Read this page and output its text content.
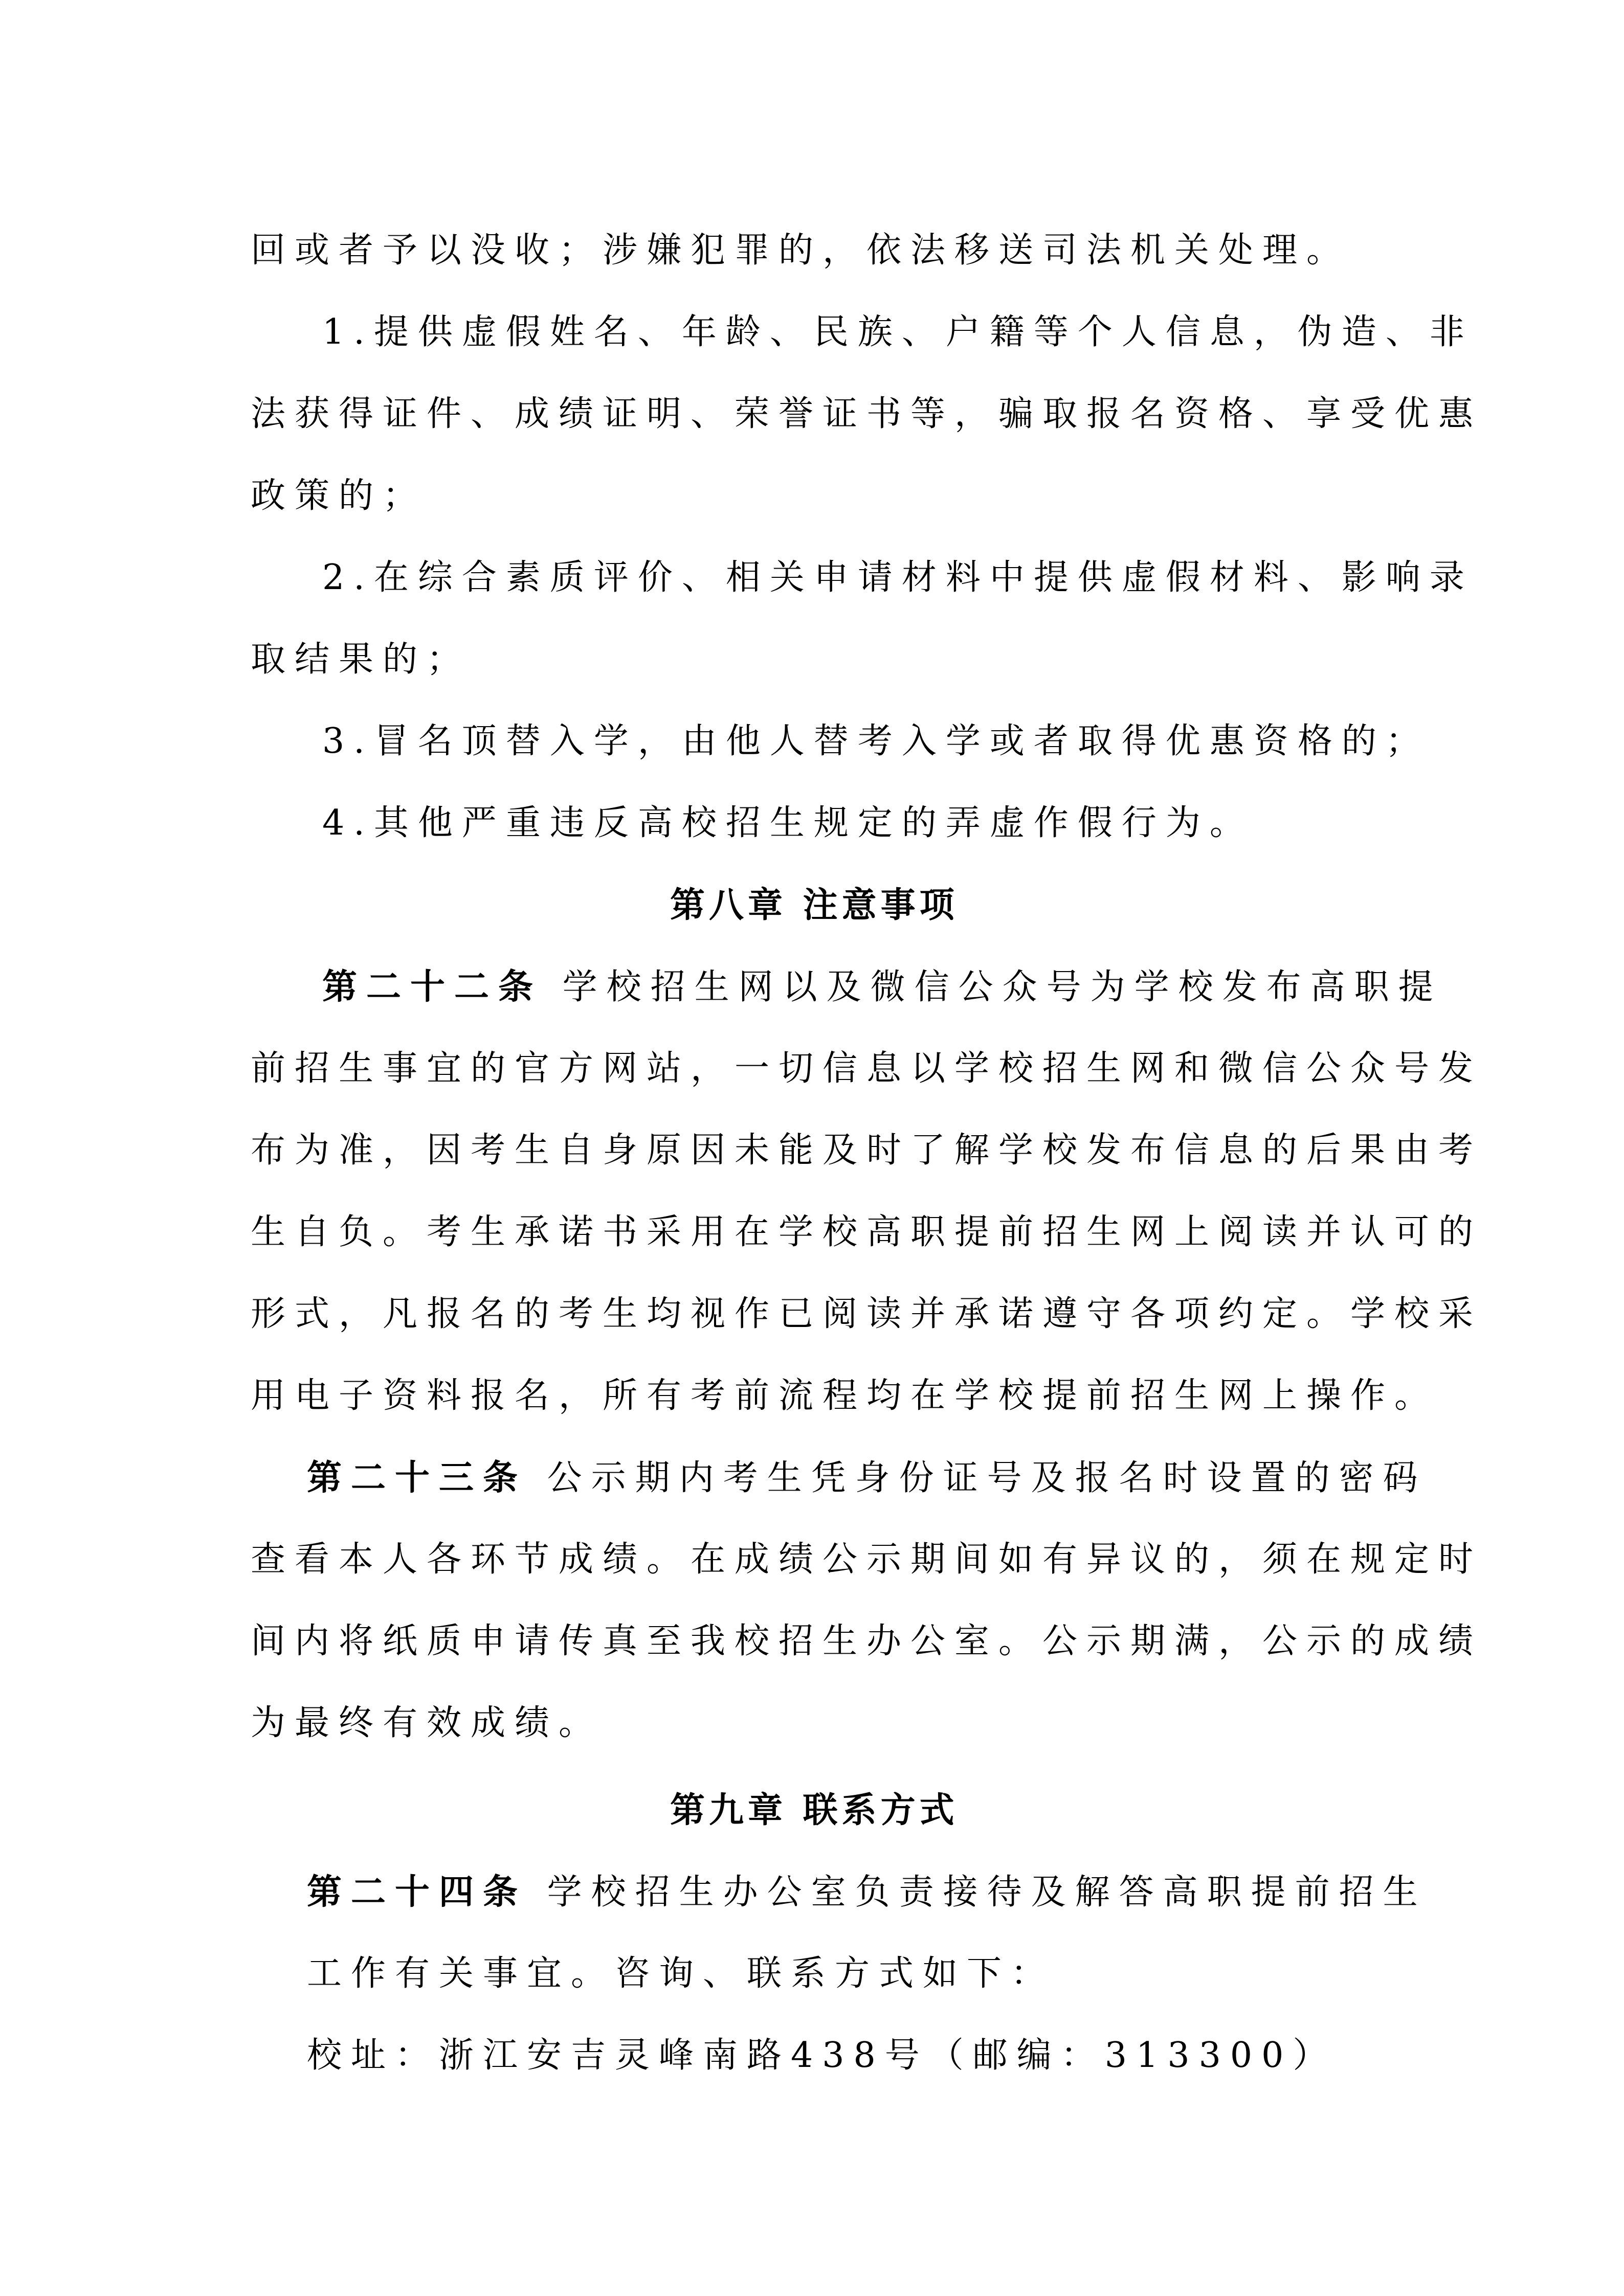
回或者予以没收；涉嫌犯罪的，依法移送司法机关处理。
1.提供虚假姓名、年龄、民族、户籍等个人信息，伪造、非
法获得证件、成绩证明、荣誉证书等，骗取报名资格、享受优惠
政策的；
2.在综合素质评价、相关申请材料中提供虚假材料、影响录
取结果的；
3.冒名顶替入学，由他人替考入学或者取得优惠资格的；
4.其他严重违反高校招生规定的弄虚作假行为。
第八章 注意事项
第二十二条 学校招生网以及微信公众号为学校发布高职提
前招生事宜的官方网站，一切信息以学校招生网和微信公众号发
布为准，因考生自身原因未能及时了解学校发布信息的后果由考
生自负。考生承诺书采用在学校高职提前招生网上阅读并认可的
形式，凡报名的考生均视作已阅读并承诺遵守各项约定。学校采
用电子资料报名，所有考前流程均在学校提前招生网上操作。
第二十三条 公示期内考生凭身份证号及报名时设置的密码
查看本人各环节成绩。在成绩公示期间如有异议的，须在规定时
间内将纸质申请传真至我校招生办公室。公示期满，公示的成绩
为最终有效成绩。
第九章 联系方式
第二十四条 学校招生办公室负责接待及解答高职提前招生
工作有关事宜。咨询、联系方式如下：
校址：浙江安吉灵峰南路438号（邮编：313300）
